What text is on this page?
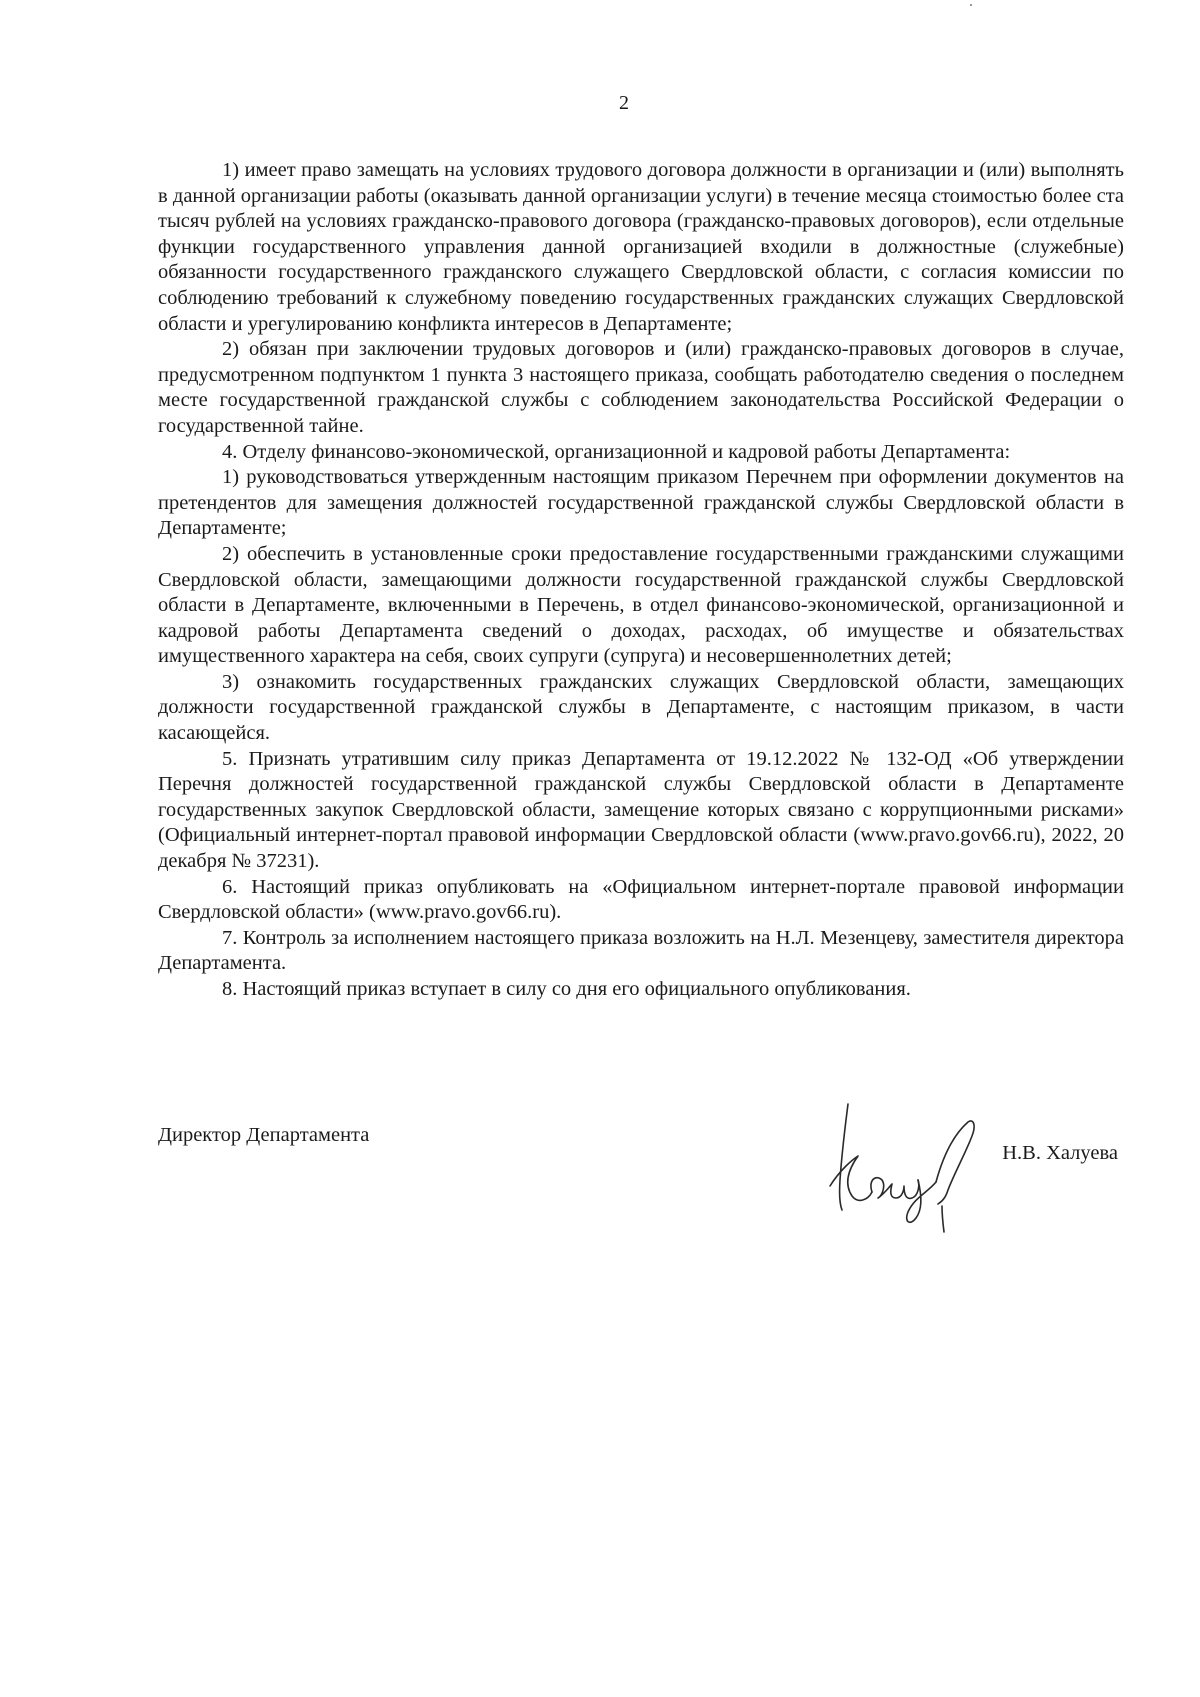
2

1) имеет право замещать на условиях трудового договора должности в организации и (или) выполнять в данной организации работы (оказывать данной организации услуги) в течение месяца стоимостью более ста тысяч рублей на условиях гражданско-правового договора (гражданско-правовых договоров), если отдельные функции государственного управления данной организацией входили в должностные (служебные) обязанности государственного гражданского служащего Свердловской области, с согласия комиссии по соблюдению требований к служебному поведению государственных гражданских служащих Свердловской области и урегулированию конфликта интересов в Департаменте;

2) обязан при заключении трудовых договоров и (или) гражданско-правовых договоров в случае, предусмотренном подпунктом 1 пункта 3 настоящего приказа, сообщать работодателю сведения о последнем месте государственной гражданской службы с соблюдением законодательства Российской Федерации о государственной тайне.

4. Отделу финансово-экономической, организационной и кадровой работы Департамента:

1) руководствоваться утвержденным настоящим приказом Перечнем при оформлении документов на претендентов для замещения должностей государственной гражданской службы Свердловской области в Департаменте;

2) обеспечить в установленные сроки предоставление государственными гражданскими служащими Свердловской области, замещающими должности государственной гражданской службы Свердловской области в Департаменте, включенными в Перечень, в отдел финансово-экономической, организационной и кадровой работы Департамента сведений о доходах, расходах, об имуществе и обязательствах имущественного характера на себя, своих супруги (супруга) и несовершеннолетних детей;

3) ознакомить государственных гражданских служащих Свердловской области, замещающих должности государственной гражданской службы в Департаменте, с настоящим приказом, в части касающейся.

5. Признать утратившим силу приказ Департамента от 19.12.2022 № 132-ОД «Об утверждении Перечня должностей государственной гражданской службы Свердловской области в Департаменте государственных закупок Свердловской области, замещение которых связано с коррупционными рисками» (Официальный интернет-портал правовой информации Свердловской области (www.pravo.gov66.ru), 2022, 20 декабря № 37231).

6. Настоящий приказ опубликовать на «Официальном интернет-портале правовой информации Свердловской области» (www.pravo.gov66.ru).

7. Контроль за исполнением настоящего приказа возложить на Н.Л. Мезенцеву, заместителя директора Департамента.

8. Настоящий приказ вступает в силу со дня его официального опубликования.

Директор Департамента
Н.В. Халуева
